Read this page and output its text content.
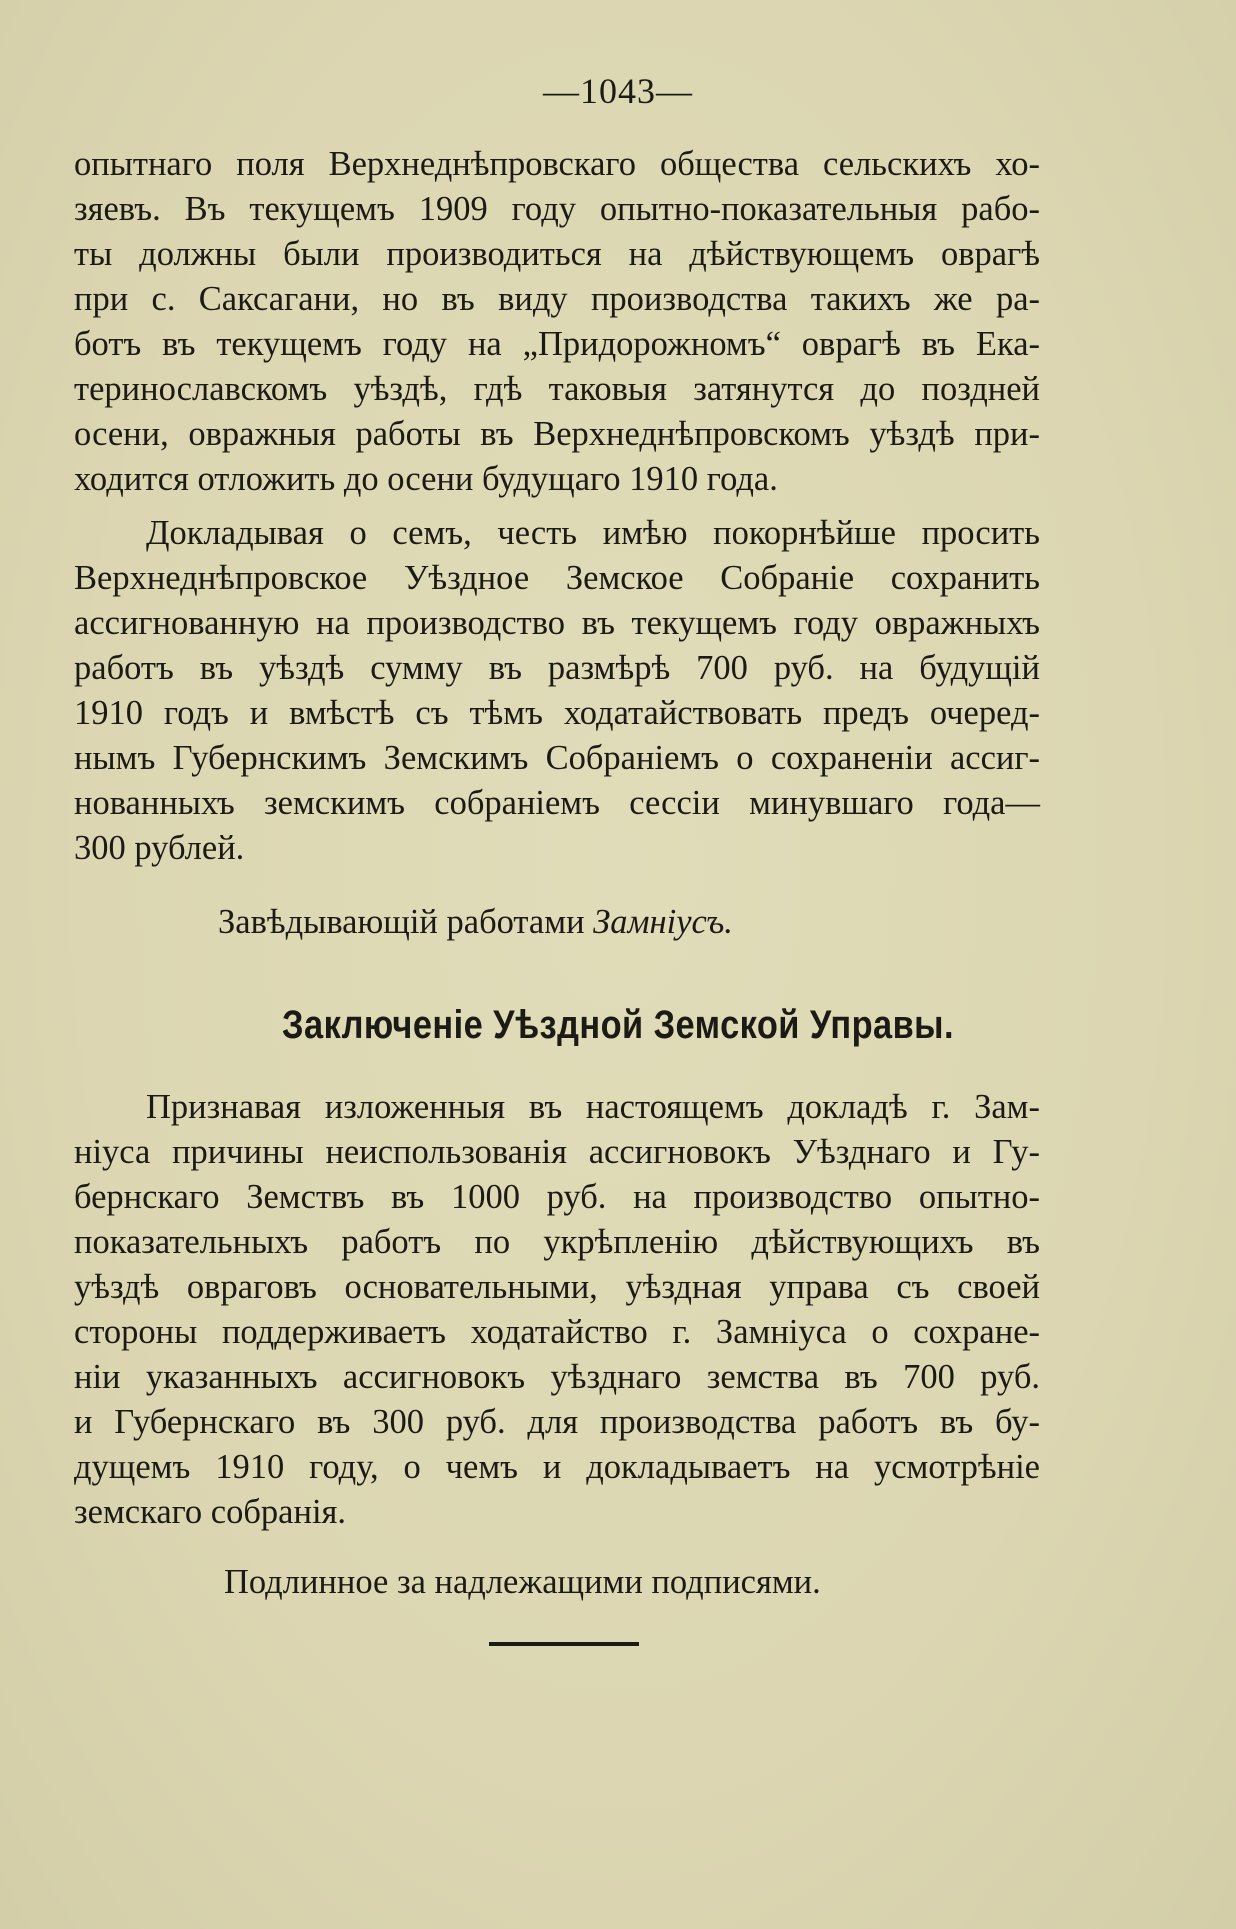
—1043—
опытнаго поля Верхнеднѣпровскаго общества сельскихъ хо-
зяевъ. Въ текущемъ 1909 году опытно-показательныя рабо-
ты должны были производиться на дѣйствующемъ оврагѣ
при с. Саксагани, но въ виду производства такихъ же ра-
ботъ въ текущемъ году на „Придорожномъ“ оврагѣ въ Ека-
теринославскомъ уѣздѣ, гдѣ таковыя затянутся до поздней
осени, овражныя работы въ Верхнеднѣпровскомъ уѣздѣ при-
ходится отложить до осени будущаго 1910 года.
Докладывая о семъ, честь имѣю покорнѣйше просить
Верхнеднѣпровское Уѣздное Земское Собраніе сохранить
ассигнованную на производство въ текущемъ году овражныхъ
работъ въ уѣздѣ сумму въ размѣрѣ 700 руб. на будущій
1910 годъ и вмѣстѣ съ тѣмъ ходатайствовать предъ очеред-
нымъ Губернскимъ Земскимъ Собраніемъ о сохраненіи ассиг-
нованныхъ земскимъ собраніемъ сессіи минувшаго года—
300 рублей.
Завѣдывающій работами Замніусъ.
Заключеніе Уѣздной Земской Управы.
Признавая изложенныя въ настоящемъ докладѣ г. Зам-
ніуса причины неиспользованія ассигновокъ Уѣзднаго и Гу-
бернскаго Земствъ въ 1000 руб. на производство опытно-
показательныхъ работъ по укрѣпленію дѣйствующихъ въ
уѣздѣ овраговъ основательными, уѣздная управа съ своей
стороны поддерживаетъ ходатайство г. Замніуса о сохране-
ніи указанныхъ ассигновокъ уѣзднаго земства въ 700 руб.
и Губернскаго въ 300 руб. для производства работъ въ бу-
дущемъ 1910 году, о чемъ и докладываетъ на усмотрѣніе
земскаго собранія.
Подлинное за надлежащими подписями.
